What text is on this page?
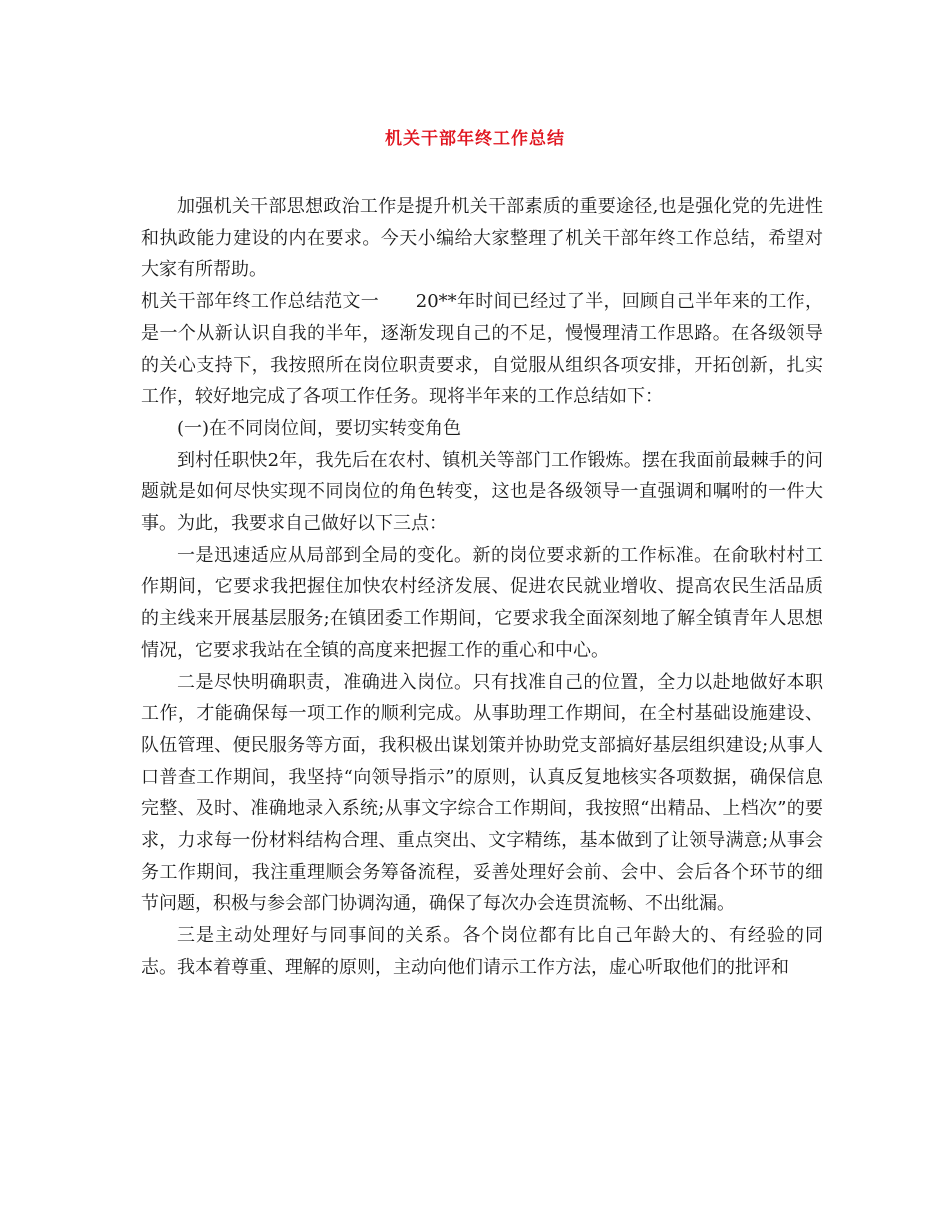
机关干部年终工作总结

加强机关干部思想政治工作是提升机关干部素质的重要途径,也是强化党的先进性和执政能力建设的内在要求。今天小编给大家整理了机关干部年终工作总结，希望对大家有所帮助。

机关干部年终工作总结范文一　　20**年时间已经过了半，回顾自己半年来的工作，是一个从新认识自我的半年，逐渐发现自己的不足，慢慢理清工作思路。在各级领导的关心支持下，我按照所在岗位职责要求，自觉服从组织各项安排，开拓创新，扎实工作，较好地完成了各项工作任务。现将半年来的工作总结如下：

(一)在不同岗位间，要切实转变角色

到村任职快2年，我先后在农村、镇机关等部门工作锻炼。摆在我面前最棘手的问题就是如何尽快实现不同岗位的角色转变，这也是各级领导一直强调和嘱咐的一件大事。为此，我要求自己做好以下三点：

一是迅速适应从局部到全局的变化。新的岗位要求新的工作标准。在俞耿村村工作期间，它要求我把握住加快农村经济发展、促进农民就业增收、提高农民生活品质的主线来开展基层服务;在镇团委工作期间，它要求我全面深刻地了解全镇青年人思想情况，它要求我站在全镇的高度来把握工作的重心和中心。

二是尽快明确职责，准确进入岗位。只有找准自己的位置，全力以赴地做好本职工作，才能确保每一项工作的顺利完成。从事助理工作期间，在全村基础设施建设、队伍管理、便民服务等方面，我积极出谋划策并协助党支部搞好基层组织建设;从事人口普查工作期间，我坚持“向领导指示”的原则，认真反复地核实各项数据，确保信息完整、及时、准确地录入系统;从事文字综合工作期间，我按照“出精品、上档次”的要求，力求每一份材料结构合理、重点突出、文字精练，基本做到了让领导满意;从事会务工作期间，我注重理顺会务筹备流程，妥善处理好会前、会中、会后各个环节的细节问题，积极与参会部门协调沟通，确保了每次办会连贯流畅、不出纰漏。

三是主动处理好与同事间的关系。各个岗位都有比自己年龄大的、有经验的同志。我本着尊重、理解的原则，主动向他们请示工作方法，虚心听取他们的批评和
